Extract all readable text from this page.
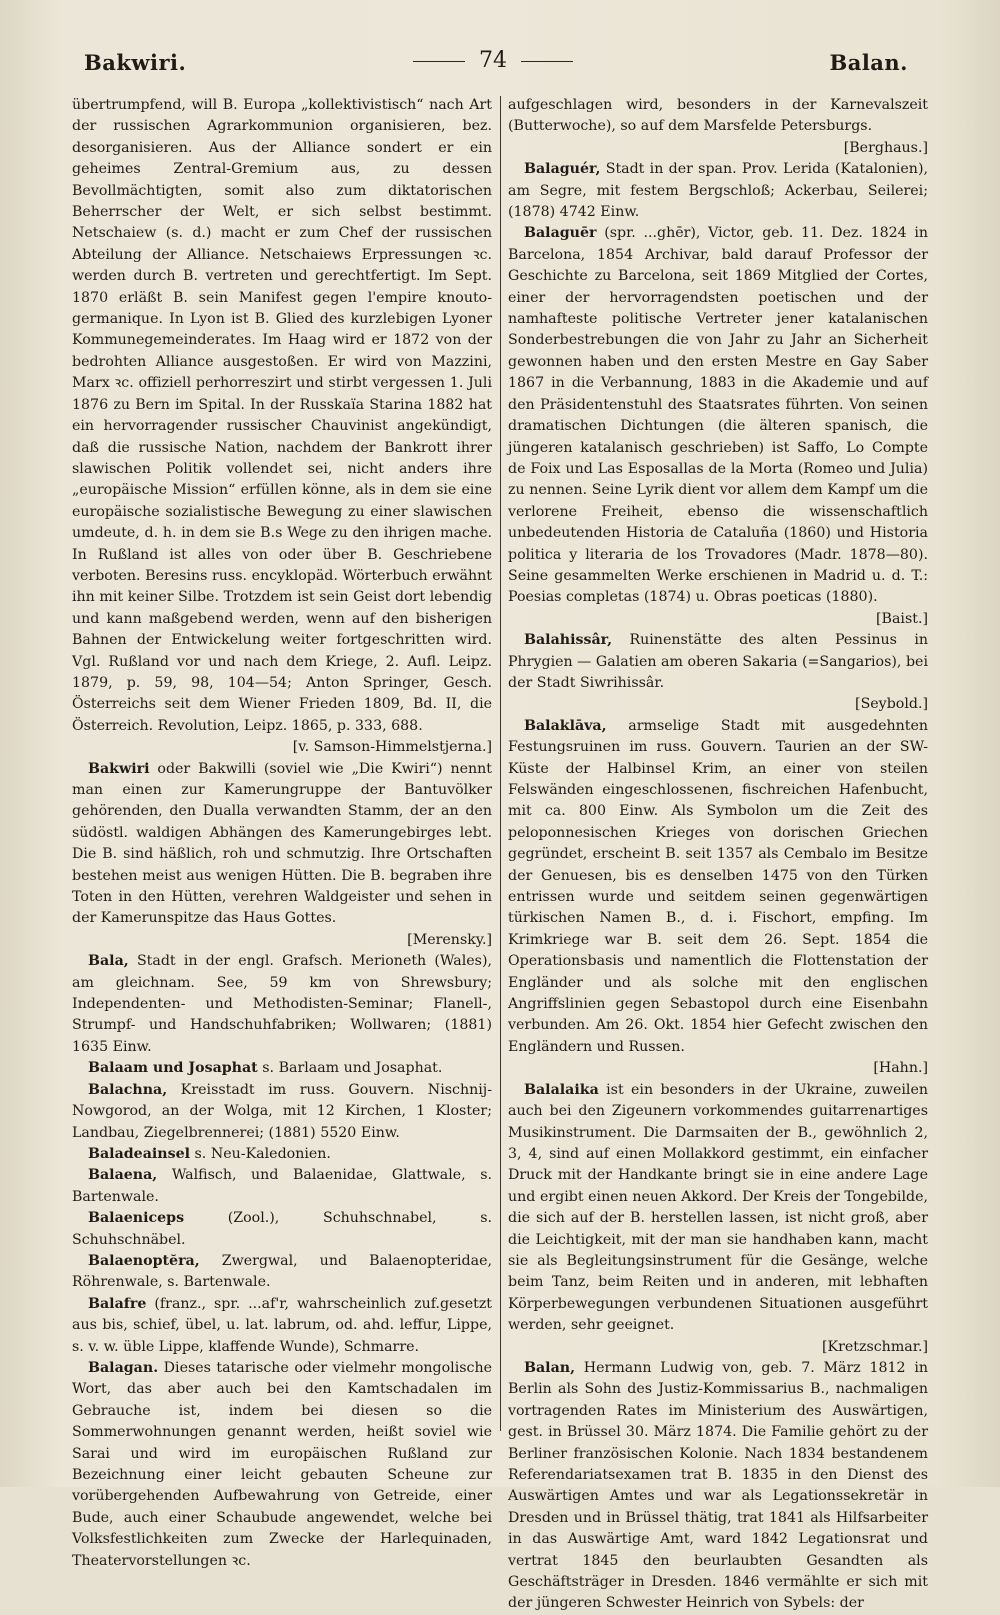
Bakwiri.	74	Balan.

übertrumpfend, will B. Europa „kollektivistisch“ nach Art der russischen Agrarkommunion organisieren, bez. desorganisieren. Aus der Alliance sondert er ein geheimes Zentral-Gremium aus, zu dessen Bevollmächtigten, somit also zum diktatorischen Beherrscher der Welt, er sich selbst bestimmt. Netschaiew (s. d.) macht er zum Chef der russischen Abteilung der Alliance. Netschaiews Erpressungen ꝛc. werden durch B. vertreten und gerechtfertigt. Im Sept. 1870 erläßt B. sein Manifest gegen l'empire knouto-germanique. In Lyon ist B. Glied des kurzlebigen Lyoner Kommunegemeinderates. Im Haag wird er 1872 von der bedrohten Alliance ausgestoßen. Er wird von Mazzini, Marx ꝛc. offiziell perhorreszirt und stirbt vergessen 1. Juli 1876 zu Bern im Spital. In der Russkaïa Starina 1882 hat ein hervorragender russischer Chauvinist angekündigt, daß die russische Nation, nachdem der Bankrott ihrer slawischen Politik vollendet sei, nicht anders ihre „europäische Mission“ erfüllen könne, als in dem sie eine europäische sozialistische Bewegung zu einer slawischen umdeute, d. h. in dem sie B.s Wege zu den ihrigen mache. In Rußland ist alles von oder über B. Geschriebene verboten. Beresins russ. encyklopäd. Wörterbuch erwähnt ihn mit keiner Silbe. Trotzdem ist sein Geist dort lebendig und kann maßgebend werden, wenn auf den bisherigen Bahnen der Entwickelung weiter fortgeschritten wird. Vgl. Rußland vor und nach dem Kriege, 2. Aufl. Leipz. 1879, p. 59, 98, 104—54; Anton Springer, Gesch. Österreichs seit dem Wiener Frieden 1809, Bd. II, die Österreich. Revolution, Leipz. 1865, p. 333, 688.
[v. Samson-Himmelstjerna.]

Bakwiri oder Bakwilli (soviel wie „Die Kwiri“) nennt man einen zur Kamerungruppe der Bantuvölker gehörenden, den Dualla verwandten Stamm, der an den südöstl. waldigen Abhängen des Kamerungebirges lebt. Die B. sind häßlich, roh und schmutzig. Ihre Ortschaften bestehen meist aus wenigen Hütten. Die B. begraben ihre Toten in den Hütten, verehren Waldgeister und sehen in der Kamerunspitze das Haus Gottes.
[Merensky.]

Bala, Stadt in der engl. Grafsch. Merioneth (Wales), am gleichnam. See, 59 km von Shrewsbury; Independenten- und Methodisten-Seminar; Flanell-, Strumpf- und Handschuhfabriken; Wollwaren; (1881) 1635 Einw.

Balaam und Josaphat s. Barlaam und Josaphat.

Balachna, Kreisstadt im russ. Gouvern. Nischnij-Nowgorod, an der Wolga, mit 12 Kirchen, 1 Kloster; Landbau, Ziegelbrennerei; (1881) 5520 Einw.

Baladeainsel s. Neu-Kaledonien.

Balaena, Walfisch, und Balaenidae, Glattwale, s. Bartenwale.

Balaeniceps	(Zool.), Schuhschnabel, s. Schuhschnäbel.

Balaenoptĕra, Zwergwal, und Balaenopteridae, Röhrenwale, s. Bartenwale.

Balafre (franz., spr. ...af'r, wahrscheinlich zuf.gesetzt aus bis, schief, übel, u. lat. labrum, od. ahd. leffur, Lippe, s. v. w. üble Lippe, klaffende Wunde), Schmarre.

Balagan. Dieses tatarische oder vielmehr mongolische Wort, das aber auch bei den Kamtschadalen im Gebrauche ist, indem bei diesen so die Sommerwohnungen genannt werden, heißt soviel wie Sarai und wird im europäischen Rußland zur Bezeichnung einer leicht gebauten Scheune zur vorübergehenden Aufbewahrung von Getreide, einer Bude, auch einer Schaubude angewendet, welche bei Volksfestlichkeiten zum Zwecke der Harlequinaden, Theatervorstellungen ꝛc.

aufgeschlagen wird, besonders in der Karnevalszeit (Butterwoche), so auf dem Marsfelde Petersburgs.
[Berghaus.]

Balaguér, Stadt in der span. Prov. Lerida (Katalonien), am Segre, mit festem Bergschloß; Ackerbau, Seilerei; (1878) 4742 Einw.

Balaguēr (spr. ...ghēr), Victor, geb. 11. Dez. 1824 in Barcelona, 1854 Archivar, bald darauf Professor der Geschichte zu Barcelona, seit 1869 Mitglied der Cortes, einer der hervorragendsten poetischen und der namhafteste politische Vertreter jener katalanischen Sonderbestrebungen die von Jahr zu Jahr an Sicherheit gewonnen haben und den ersten Mestre en Gay Saber 1867 in die Verbannung, 1883 in die Akademie und auf den Präsidentenstuhl des Staatsrates führten. Von seinen dramatischen Dichtungen (die älteren spanisch, die jüngeren katalanisch geschrieben) ist Saffo, Lo Compte de Foix und Las Esposallas de la Morta (Romeo und Julia) zu nennen. Seine Lyrik dient vor allem dem Kampf um die verlorene Freiheit, ebenso die wissenschaftlich unbedeutenden Historia de Cataluña (1860) und Historia politica y literaria de los Trovadores (Madr. 1878—80). Seine gesammelten Werke erschienen in Madrid u. d. T.: Poesias completas (1874) u. Obras poeticas (1880).
[Baist.]

Balahissâr, Ruinenstätte des alten Pessinus in Phrygien — Galatien am oberen Sakaria (=Sangarios), bei der Stadt Siwrihissâr.
[Seybold.]

Balaklāva, armselige Stadt mit ausgedehnten Festungsruinen im russ. Gouvern. Taurien an der SW-Küste der Halbinsel Krim, an einer von steilen Felswänden eingeschlossenen, fischreichen Hafenbucht, mit ca. 800 Einw. Als Symbolon um die Zeit des peloponnesischen Krieges von dorischen Griechen gegründet, erscheint B. seit 1357 als Cembalo im Besitze der Genuesen, bis es denselben 1475 von den Türken entrissen wurde und seitdem seinen gegenwärtigen türkischen Namen B., d. i. Fischort, empfing. Im Krimkriege war B. seit dem 26. Sept. 1854 die Operationsbasis und namentlich die Flottenstation der Engländer und als solche mit den englischen Angriffslinien gegen Sebastopol durch eine Eisenbahn verbunden. Am 26. Okt. 1854 hier Gefecht zwischen den Engländern und Russen.
[Hahn.]

Balalaika ist ein besonders in der Ukraine, zuweilen auch bei den Zigeunern vorkommendes guitarrenartiges Musikinstrument. Die Darmsaiten der B., gewöhnlich 2, 3, 4, sind auf einen Mollakkord gestimmt, ein einfacher Druck mit der Handkante bringt sie in eine andere Lage und ergibt einen neuen Akkord. Der Kreis der Tongebilde, die sich auf der B. herstellen lassen, ist nicht groß, aber die Leichtigkeit, mit der man sie handhaben kann, macht sie als Begleitungsinstrument für die Gesänge, welche beim Tanz, beim Reiten und in anderen, mit lebhaften Körperbewegungen verbundenen Situationen ausgeführt werden, sehr geeignet.
[Kretzschmar.]

Balan, Hermann Ludwig von, geb. 7. März 1812 in Berlin als Sohn des Justiz-Kommissarius B., nachmaligen vortragenden Rates im Ministerium des Auswärtigen, gest. in Brüssel 30. März 1874. Die Familie gehört zu der Berliner französischen Kolonie. Nach 1834 bestandenem Referendariatsexamen trat B. 1835 in den Dienst des Auswärtigen Amtes und war als Legationssekretär in Dresden und in Brüssel thätig, trat 1841 als Hilfsarbeiter in das Auswärtige Amt, ward 1842 Legationsrat und vertrat 1845 den beurlaubten Gesandten als Geschäftsträger in Dresden. 1846 vermählte er sich mit der jüngeren Schwester Heinrich von Sybels: der
